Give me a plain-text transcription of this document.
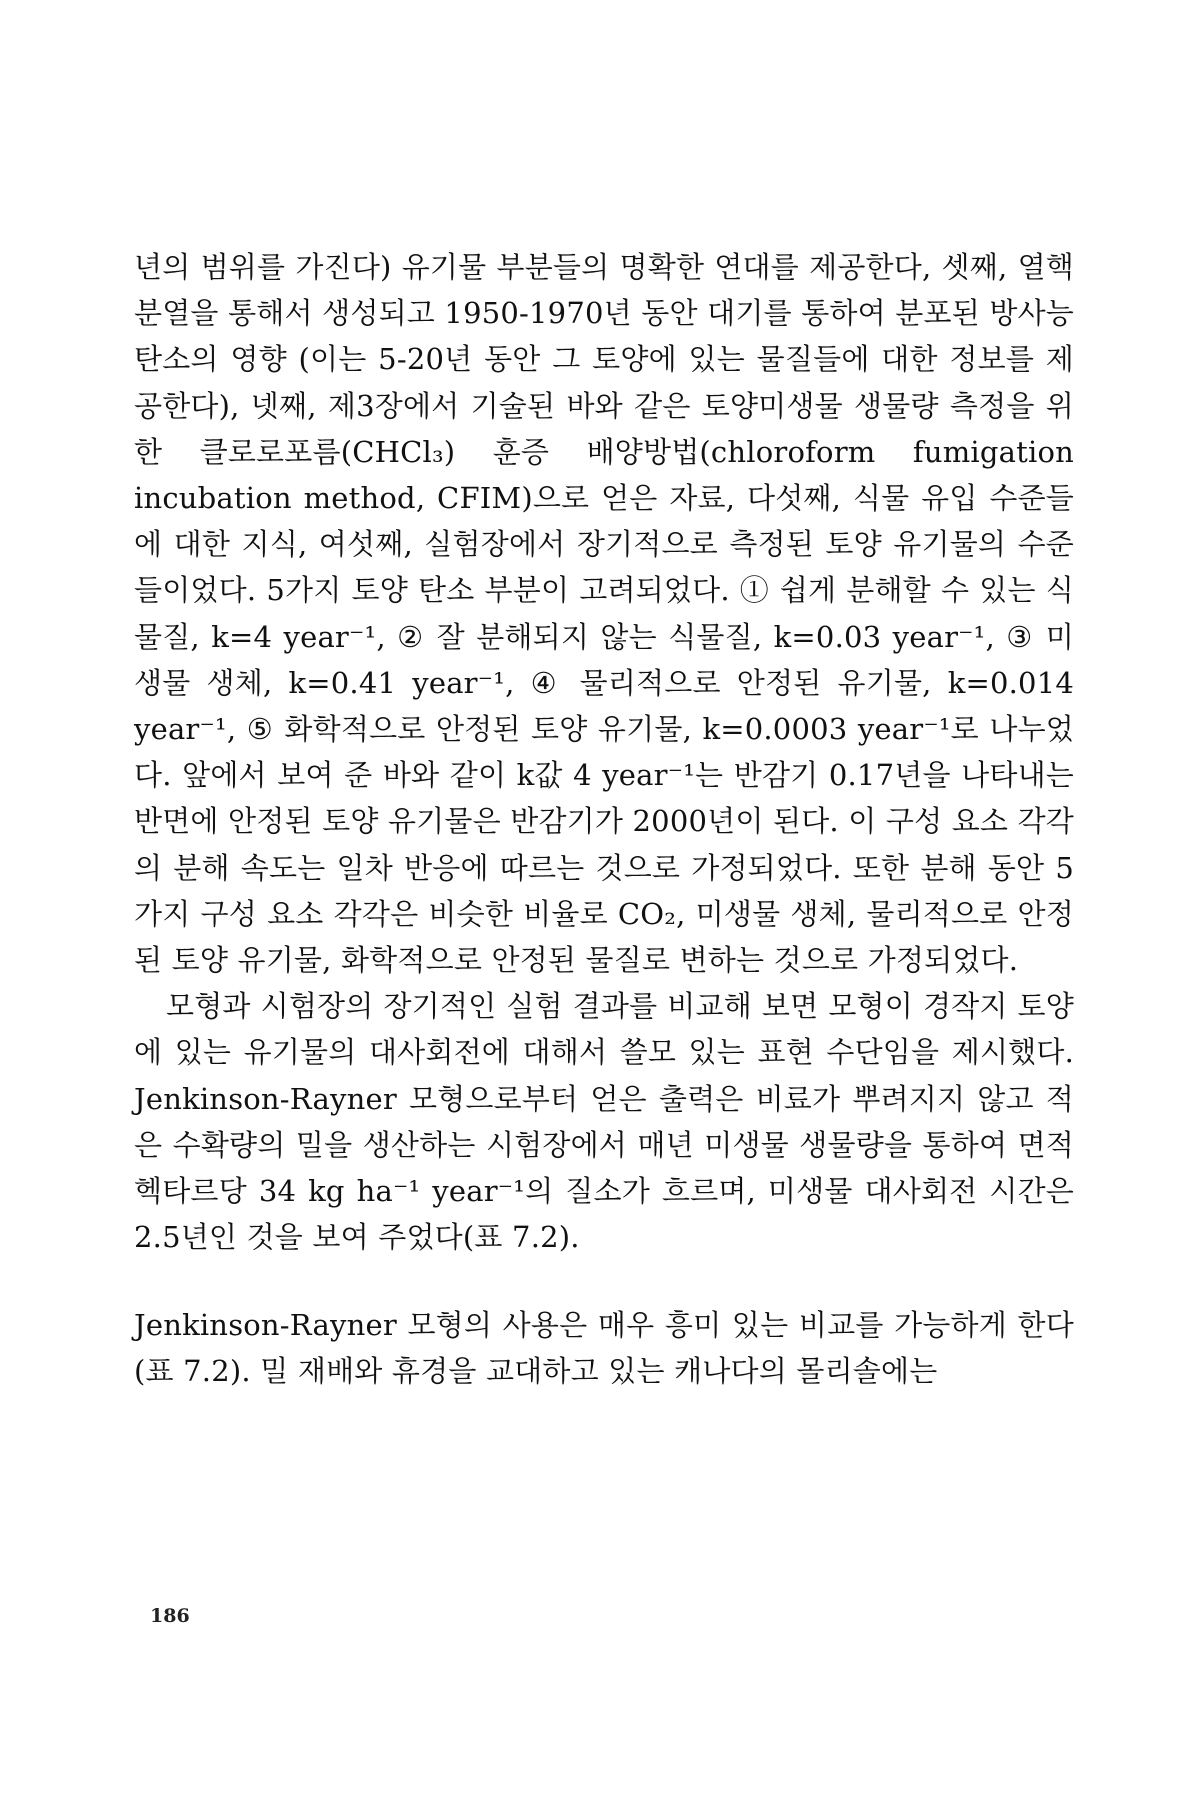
년의 범위를 가진다) 유기물 부분들의 명확한 연대를 제공한다, 셋째, 열핵분열을 통해서 생성되고 1950-1970년 동안 대기를 통하여 분포된 방사능 탄소의 영향 (이는 5-20년 동안 그 토양에 있는 물질들에 대한 정보를 제공한다), 넷째, 제3장에서 기술된 바와 같은 토양미생물 생물량 측정을 위한 클로로포름(CHCl₃) 훈증 배양방법(chloroform fumigation incubation method, CFIM)으로 얻은 자료, 다섯째, 식물 유입 수준들에 대한 지식, 여섯째, 실험장에서 장기적으로 측정된 토양 유기물의 수준들이었다. 5가지 토양 탄소 부분이 고려되었다. ① 쉽게 분해할 수 있는 식물질, k=4 year⁻¹, ② 잘 분해되지 않는 식물질, k=0.03 year⁻¹, ③ 미생물 생체, k=0.41 year⁻¹, ④ 물리적으로 안정된 유기물, k=0.014 year⁻¹, ⑤ 화학적으로 안정된 토양 유기물, k=0.0003 year⁻¹로 나누었다. 앞에서 보여 준 바와 같이 k값 4 year⁻¹는 반감기 0.17년을 나타내는 반면에 안정된 토양 유기물은 반감기가 2000년이 된다. 이 구성 요소 각각의 분해 속도는 일차 반응에 따르는 것으로 가정되었다. 또한 분해 동안 5가지 구성 요소 각각은 비슷한 비율로 CO₂, 미생물 생체, 물리적으로 안정된 토양 유기물, 화학적으로 안정된 물질로 변하는 것으로 가정되었다.

모형과 시험장의 장기적인 실험 결과를 비교해 보면 모형이 경작지 토양에 있는 유기물의 대사회전에 대해서 쓸모 있는 표현 수단임을 제시했다. Jenkinson-Rayner 모형으로부터 얻은 출력은 비료가 뿌려지지 않고 적은 수확량의 밀을 생산하는 시험장에서 매년 미생물 생물량을 통하여 면적 헥타르당 34 kg ha⁻¹ year⁻¹의 질소가 흐르며, 미생물 대사회전 시간은 2.5년인 것을 보여 주었다(표 7.2).

Jenkinson-Rayner 모형의 사용은 매우 흥미 있는 비교를 가능하게 한다(표 7.2). 밀 재배와 휴경을 교대하고 있는 캐나다의 몰리솔에는

186
